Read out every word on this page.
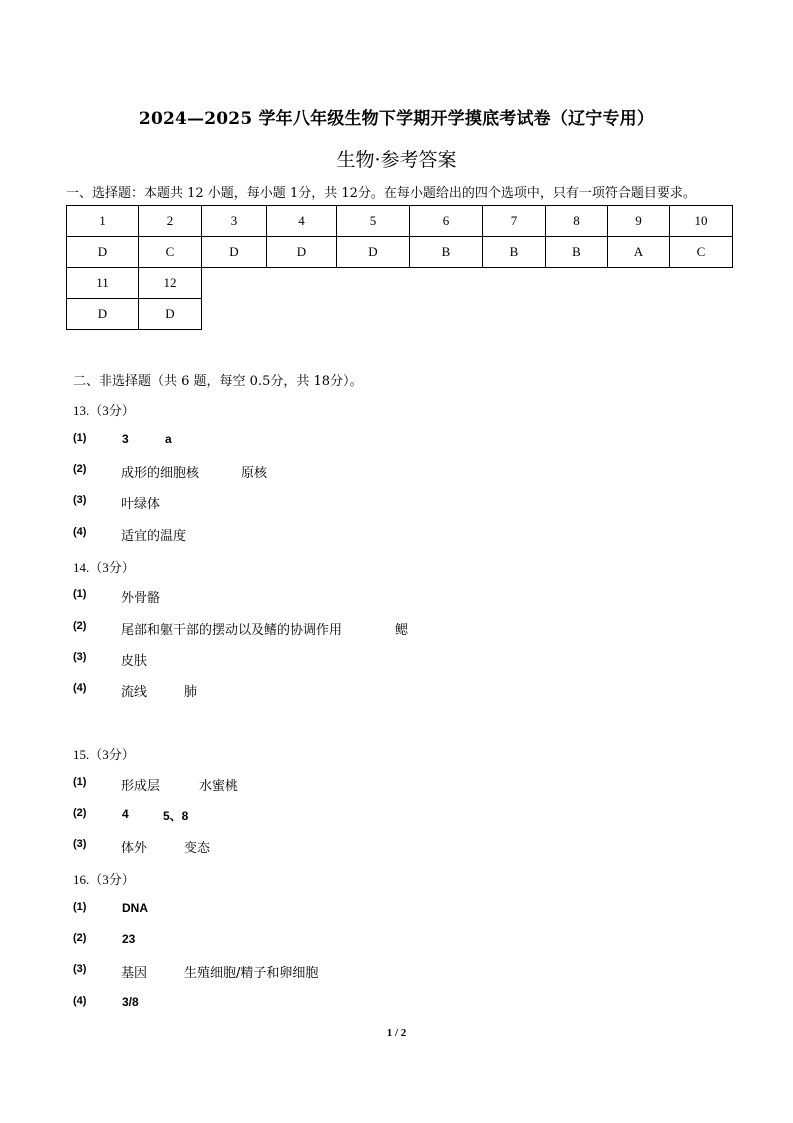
2024—2025 学年八年级生物下学期开学摸底考试卷（辽宁专用）
生物·参考答案
一、选择题：本题共 12 小题，每小题 1分，共 12分。在每小题给出的四个选项中，只有一项符合题目要求。
1	2	3	4	5	6	7	8	9	10
D	C	D	D	D	B	B	B	A	C
11	12								
D	D								
二、非选择题（共 6 题，每空 0.5分，共 18分）。
13.（3分）
(1)	3	a
(2)	成形的细胞核	原核
(3)	叶绿体
(4)	适宜的温度
14.（3分）
(1)	外骨骼
(2)	尾部和躯干部的摆动以及鳍的协调作用	鳃
(3)	皮肤
(4)	流线	肺
15.（3分）
(1)	形成层	水蜜桃
(2)	4	5、8
(3)	体外	变态
16.（3分）
(1)	DNA
(2)	23
(3)	基因	生殖细胞/精子和卵细胞
(4)	3/8
1 / 2
